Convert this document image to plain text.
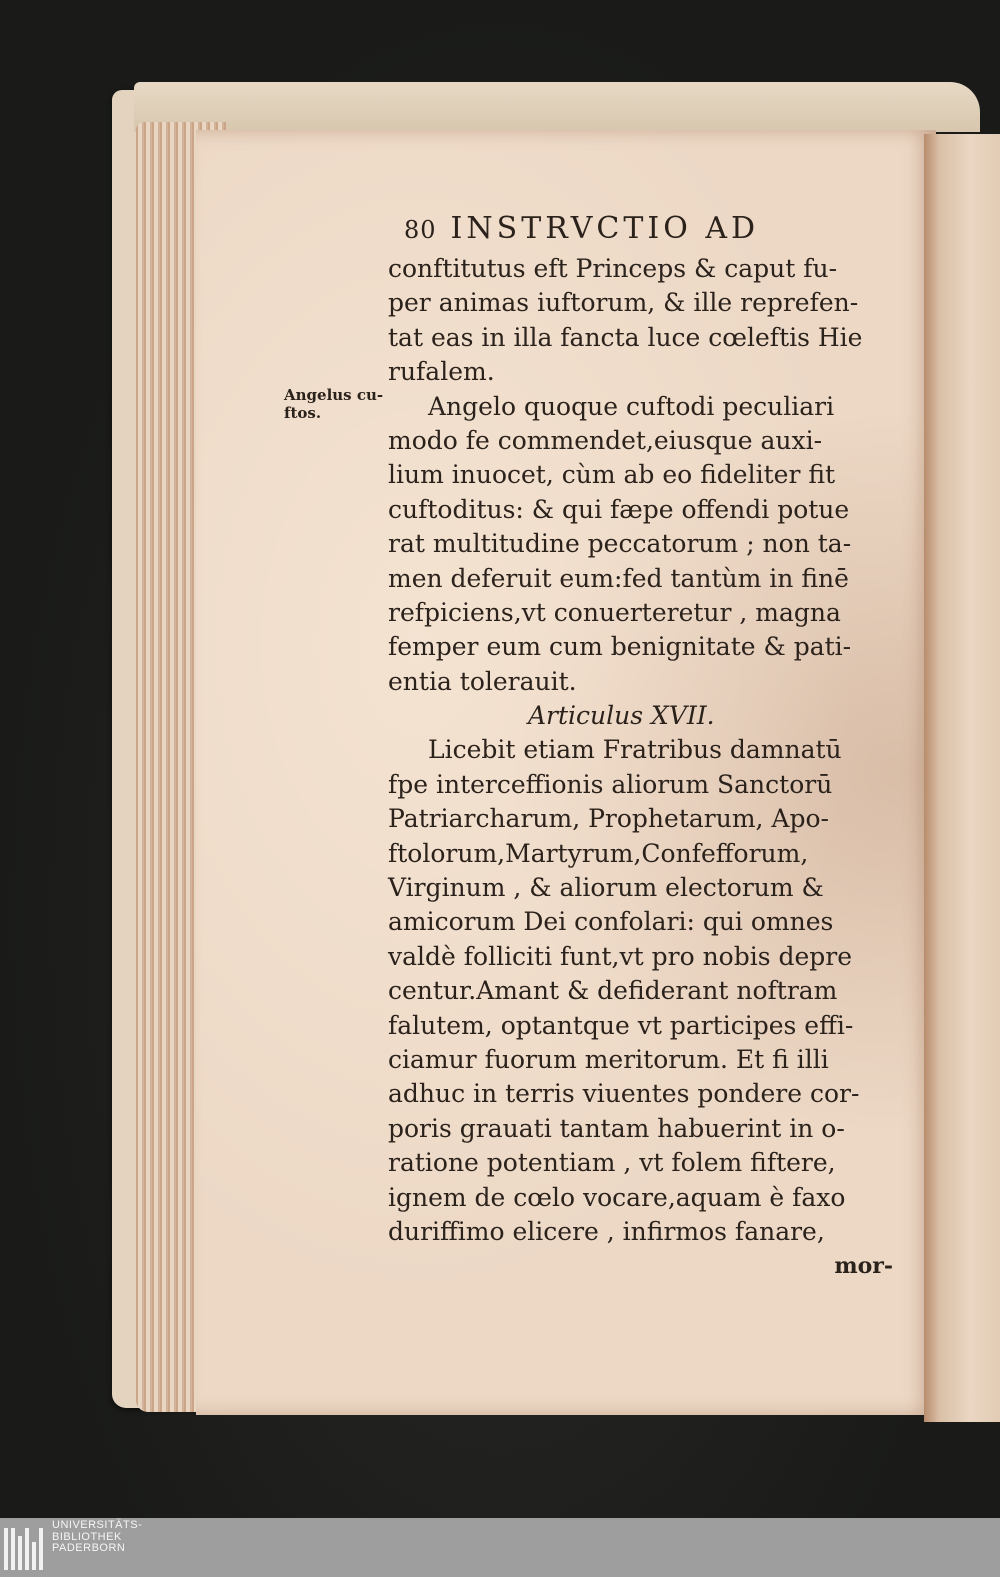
80 INSTRVCTIO AD
Angelus cu-
ftos.
conftitutus eft Princeps & caput fu-
per animas iuftorum, & ille reprefen-
tat eas in illa fancta luce cœleftis Hie
rufalem.
Angelo quoque cuftodi peculiari
modo fe commendet,eiusque auxi-
lium inuocet, cùm ab eo fideliter fit
cuftoditus: & qui fæpe offendi potue
rat multitudine peccatorum ; non ta-
men deferuit eum:fed tantùm in finē
refpiciens,vt conuerteretur , magna
femper eum cum benignitate & pati-
entia tolerauit.
Articulus XVII.
Licebit etiam Fratribus damnatū
fpe interceffionis aliorum Sanctorū
Patriarcharum, Prophetarum, Apo-
ftolorum,Martyrum,Confefforum,
Virginum , & aliorum electorum &
amicorum Dei confolari: qui omnes
valdè folliciti funt,vt pro nobis depre
centur.Amant & defiderant noftram
falutem, optantque vt participes effi-
ciamur fuorum meritorum. Et fi illi
adhuc in terris viuentes pondere cor-
poris grauati tantam habuerint in o-
ratione potentiam , vt folem fiftere,
ignem de cœlo vocare,aquam è faxo
duriffimo elicere , infirmos fanare,
mor-
UNIVERSITÄTS-
BIBLIOTHEK
PADERBORN
